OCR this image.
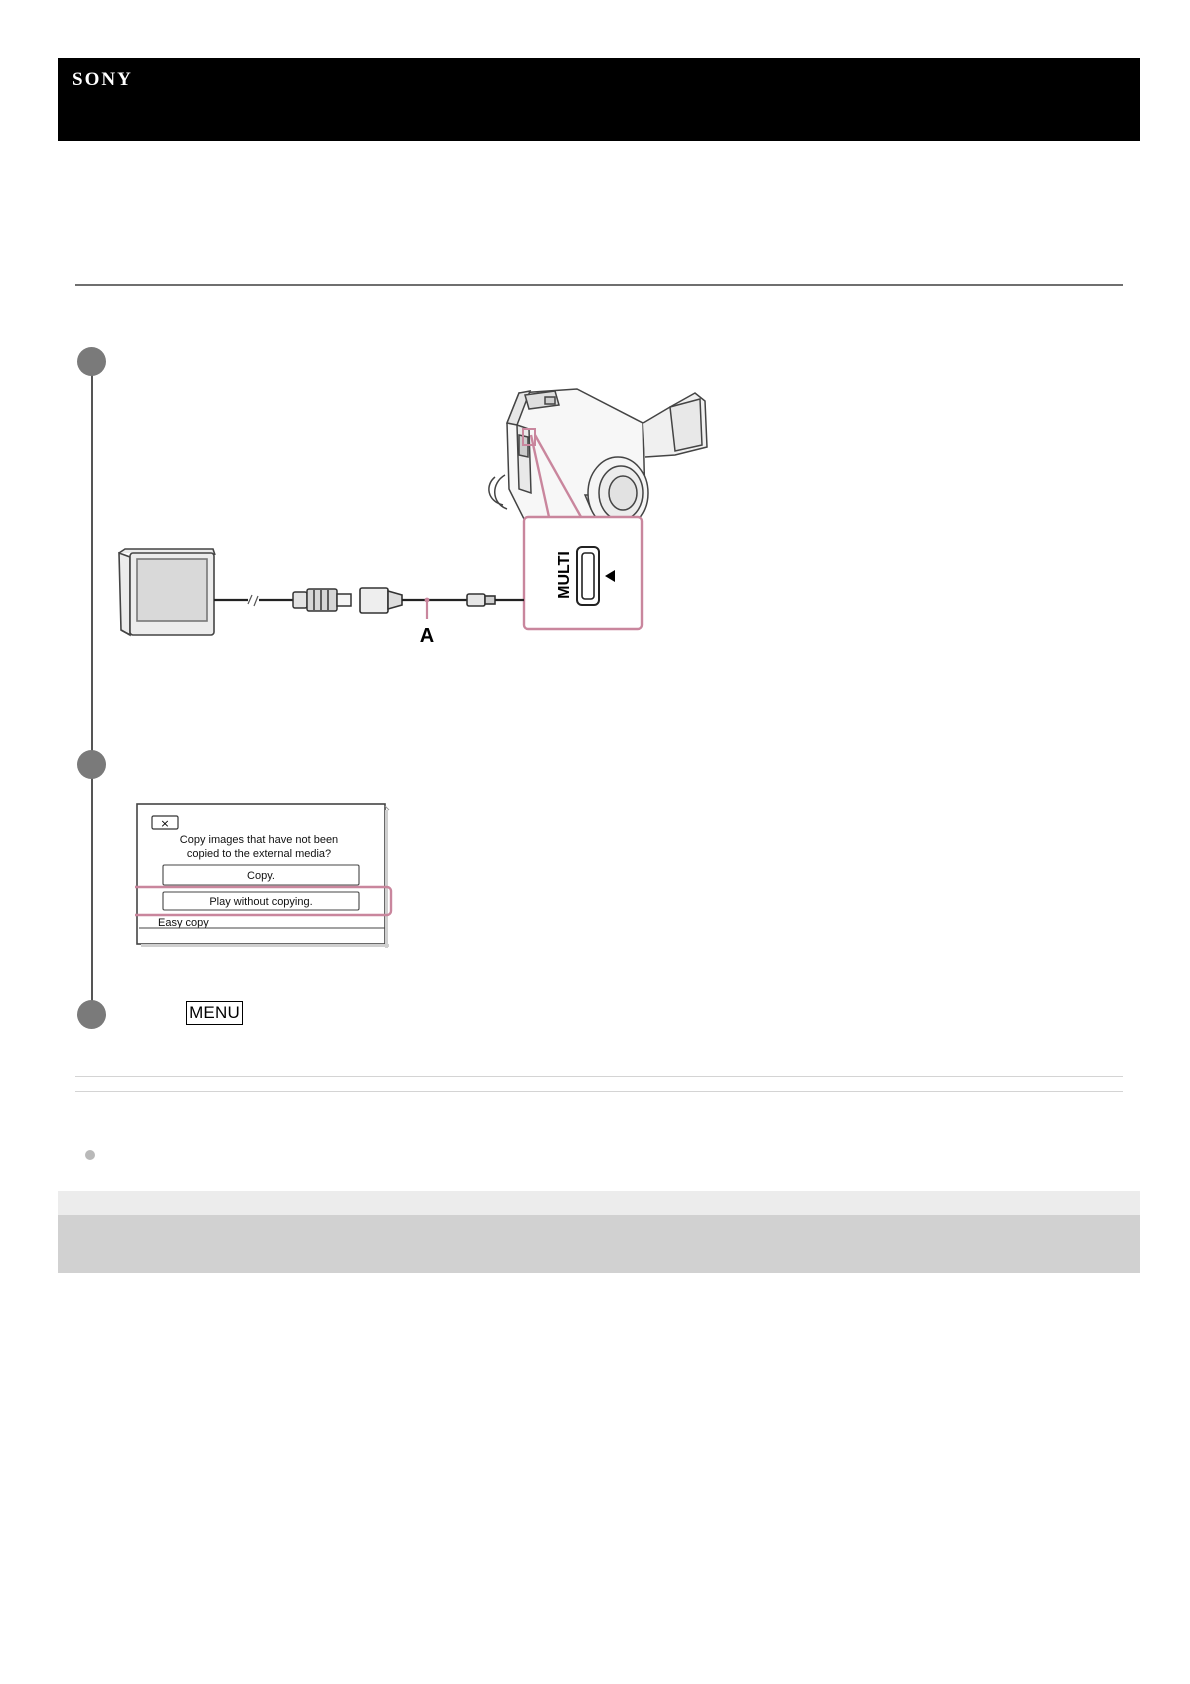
SONY
A
MULTI
×
Copy images that have not been
copied to the external media?
Copy.
Play without copying.
Easy copy
MENU
